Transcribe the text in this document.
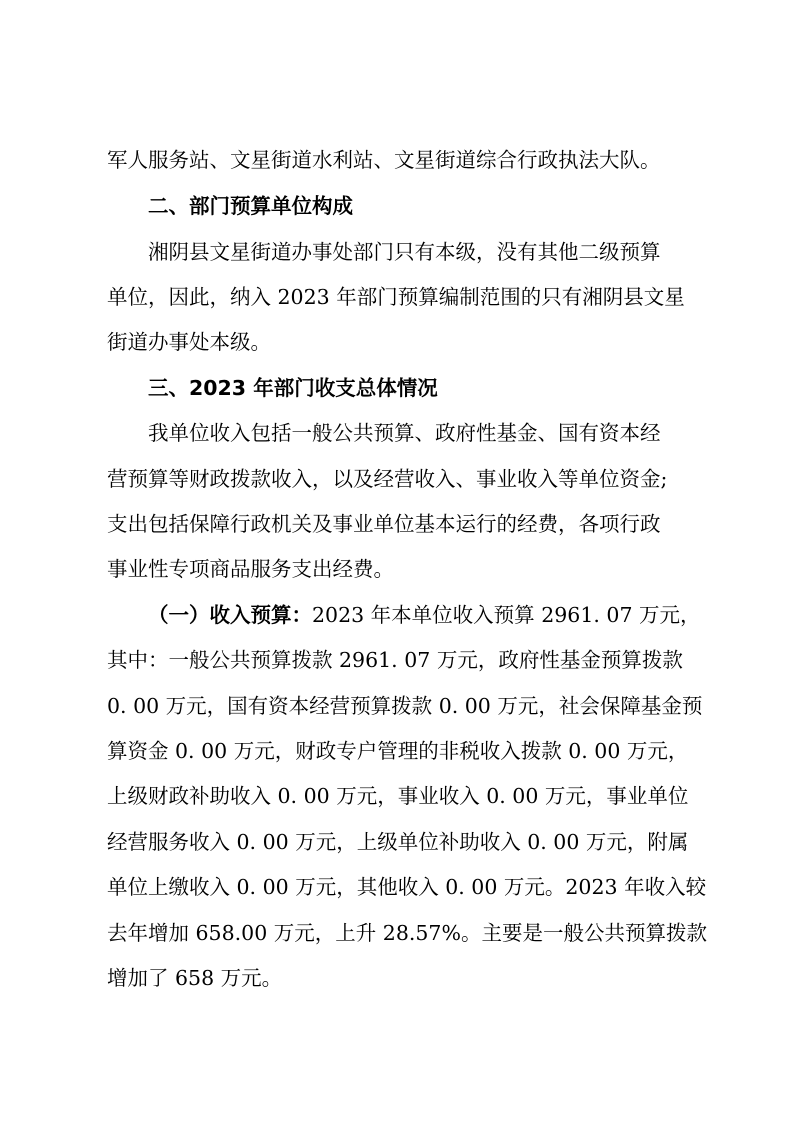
军人服务站、文星街道水利站、文星街道综合行政执法大队。
二、部门预算单位构成
湘阴县文星街道办事处部门只有本级，没有其他二级预算
单位，因此，纳入 2023 年部门预算编制范围的只有湘阴县文星
街道办事处本级。
三、2023 年部门收支总体情况
我单位收入包括一般公共预算、政府性基金、国有资本经
营预算等财政拨款收入，以及经营收入、事业收入等单位资金;
支出包括保障行政机关及事业单位基本运行的经费，各项行政
事业性专项商品服务支出经费。
（一）收入预算：2023 年本单位收入预算 2961. 07 万元，
其中：一般公共预算拨款 2961. 07 万元，政府性基金预算拨款
0. 00 万元，国有资本经营预算拨款 0. 00 万元，社会保障基金预
算资金 0. 00 万元，财政专户管理的非税收入拨款 0. 00 万元，
上级财政补助收入 0. 00 万元，事业收入 0. 00 万元，事业单位
经营服务收入 0. 00 万元，上级单位补助收入 0. 00 万元，附属
单位上缴收入 0. 00 万元，其他收入 0. 00 万元。2023 年收入较
去年增加 658.00 万元，上升 28.57%。主要是一般公共预算拨款
增加了 658 万元。
